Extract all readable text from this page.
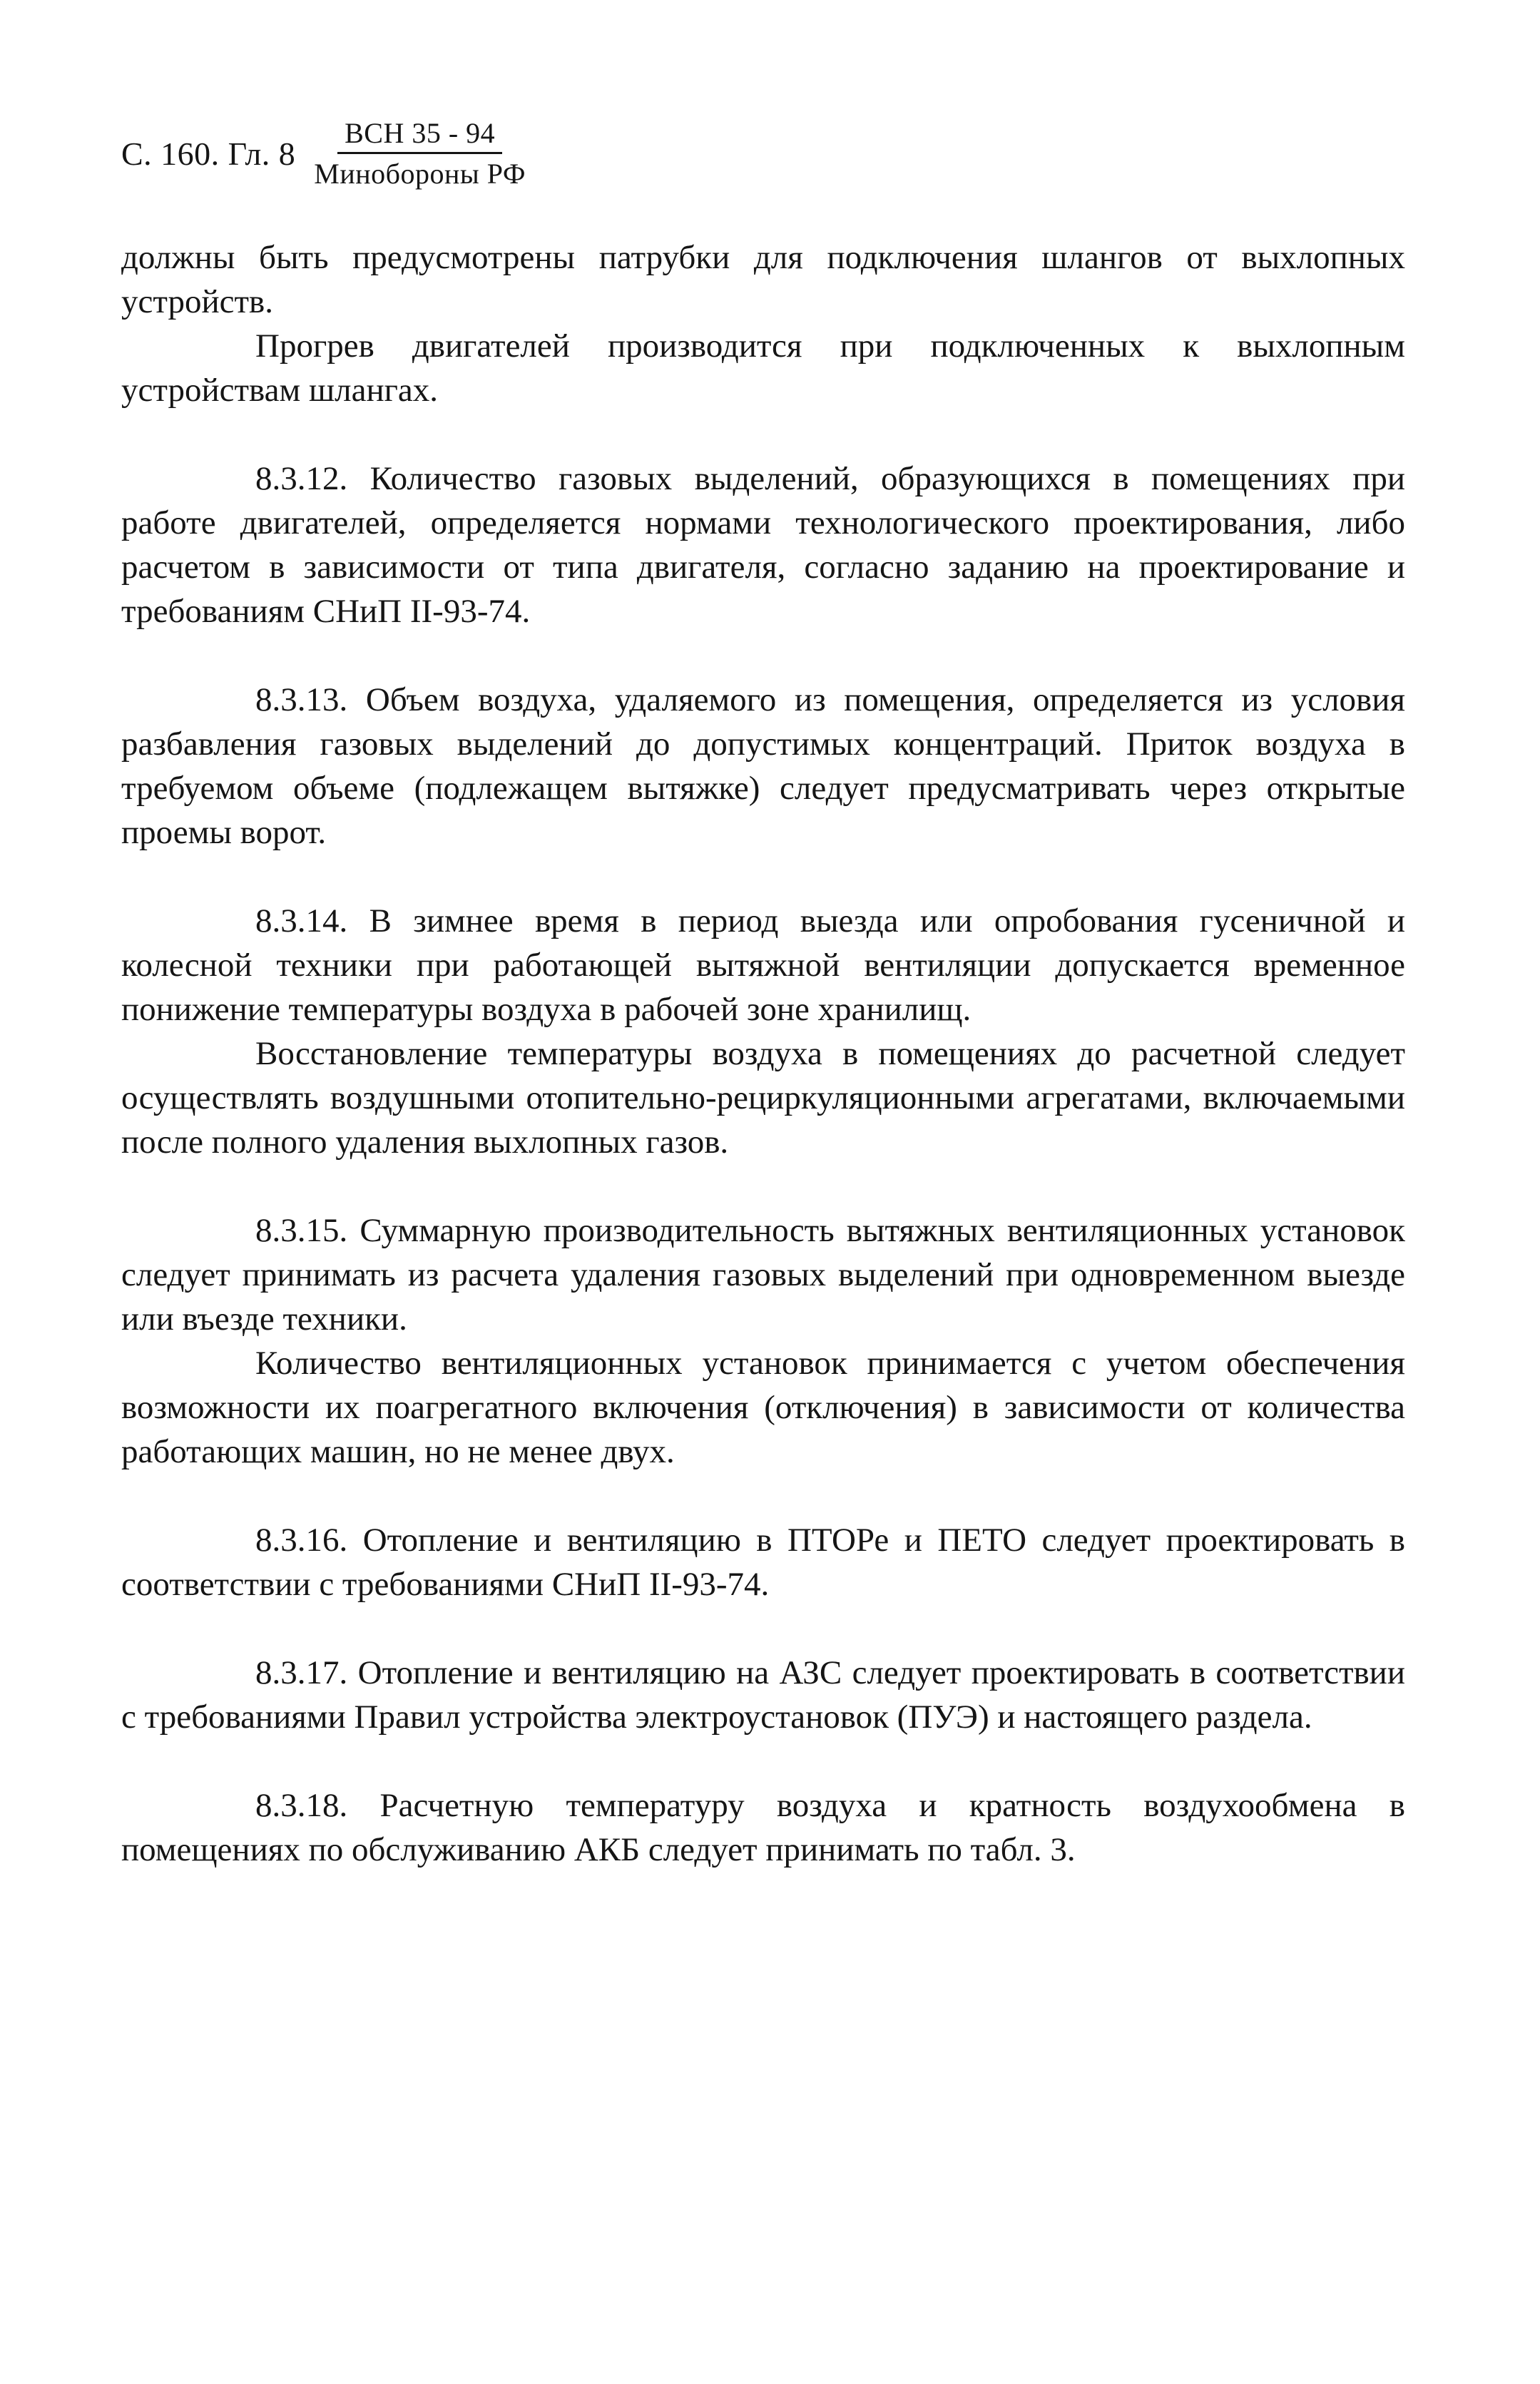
С. 160. Гл. $8 \frac{\text{ВСН 35 - 94}}{\text{Минобороны РФ}}$

должны быть предусмотрены патрубки для подключения шлангов от выхлопных устройств.

Прогрев двигателей производится при подключенных к выхлопным устройствам шлангах.

8.3.12. Количество газовых выделений, образующихся в помещениях при работе двигателей, определяется нормами технологического проектирования, либо расчетом в зависимости от типа двигателя, согласно заданию на проектирование и требованиям СНиП II-93-74.

8.3.13. Объем воздуха, удаляемого из помещения, определяется из условия разбавления газовых выделений до допустимых концентраций. Приток воздуха в требуемом объеме (подлежащем вытяжке) следует предусматривать через открытые проемы ворот.

8.3.14. В зимнее время в период выезда или опробования гусеничной и колесной техники при работающей вытяжной вентиляции допускается временное понижение температуры воздуха в рабочей зоне хранилищ.

Восстановление температуры воздуха в помещениях до расчетной следует осуществлять воздушными отопительно-рециркуляционными агрегатами, включаемыми после полного удаления выхлопных газов.

8.3.15. Суммарную производительность вытяжных вентиляционных установок следует принимать из расчета удаления газовых выделений при одновременном выезде или въезде техники.

Количество вентиляционных установок принимается с учетом обеспечения возможности их поагрегатного включения (отключения) в зависимости от количества работающих машин, но не менее двух.

8.3.16. Отопление и вентиляцию в ПТОРе и ПЕТО следует проектировать в соответствии с требованиями СНиП II-93-74.

8.3.17. Отопление и вентиляцию на АЗС следует проектировать в соответствии с требованиями Правил устройства электроустановок (ПУЭ) и настоящего раздела.

8.3.18. Расчетную температуру воздуха и кратность воздухообмена в помещениях по обслуживанию АКБ следует принимать по табл. 3.
